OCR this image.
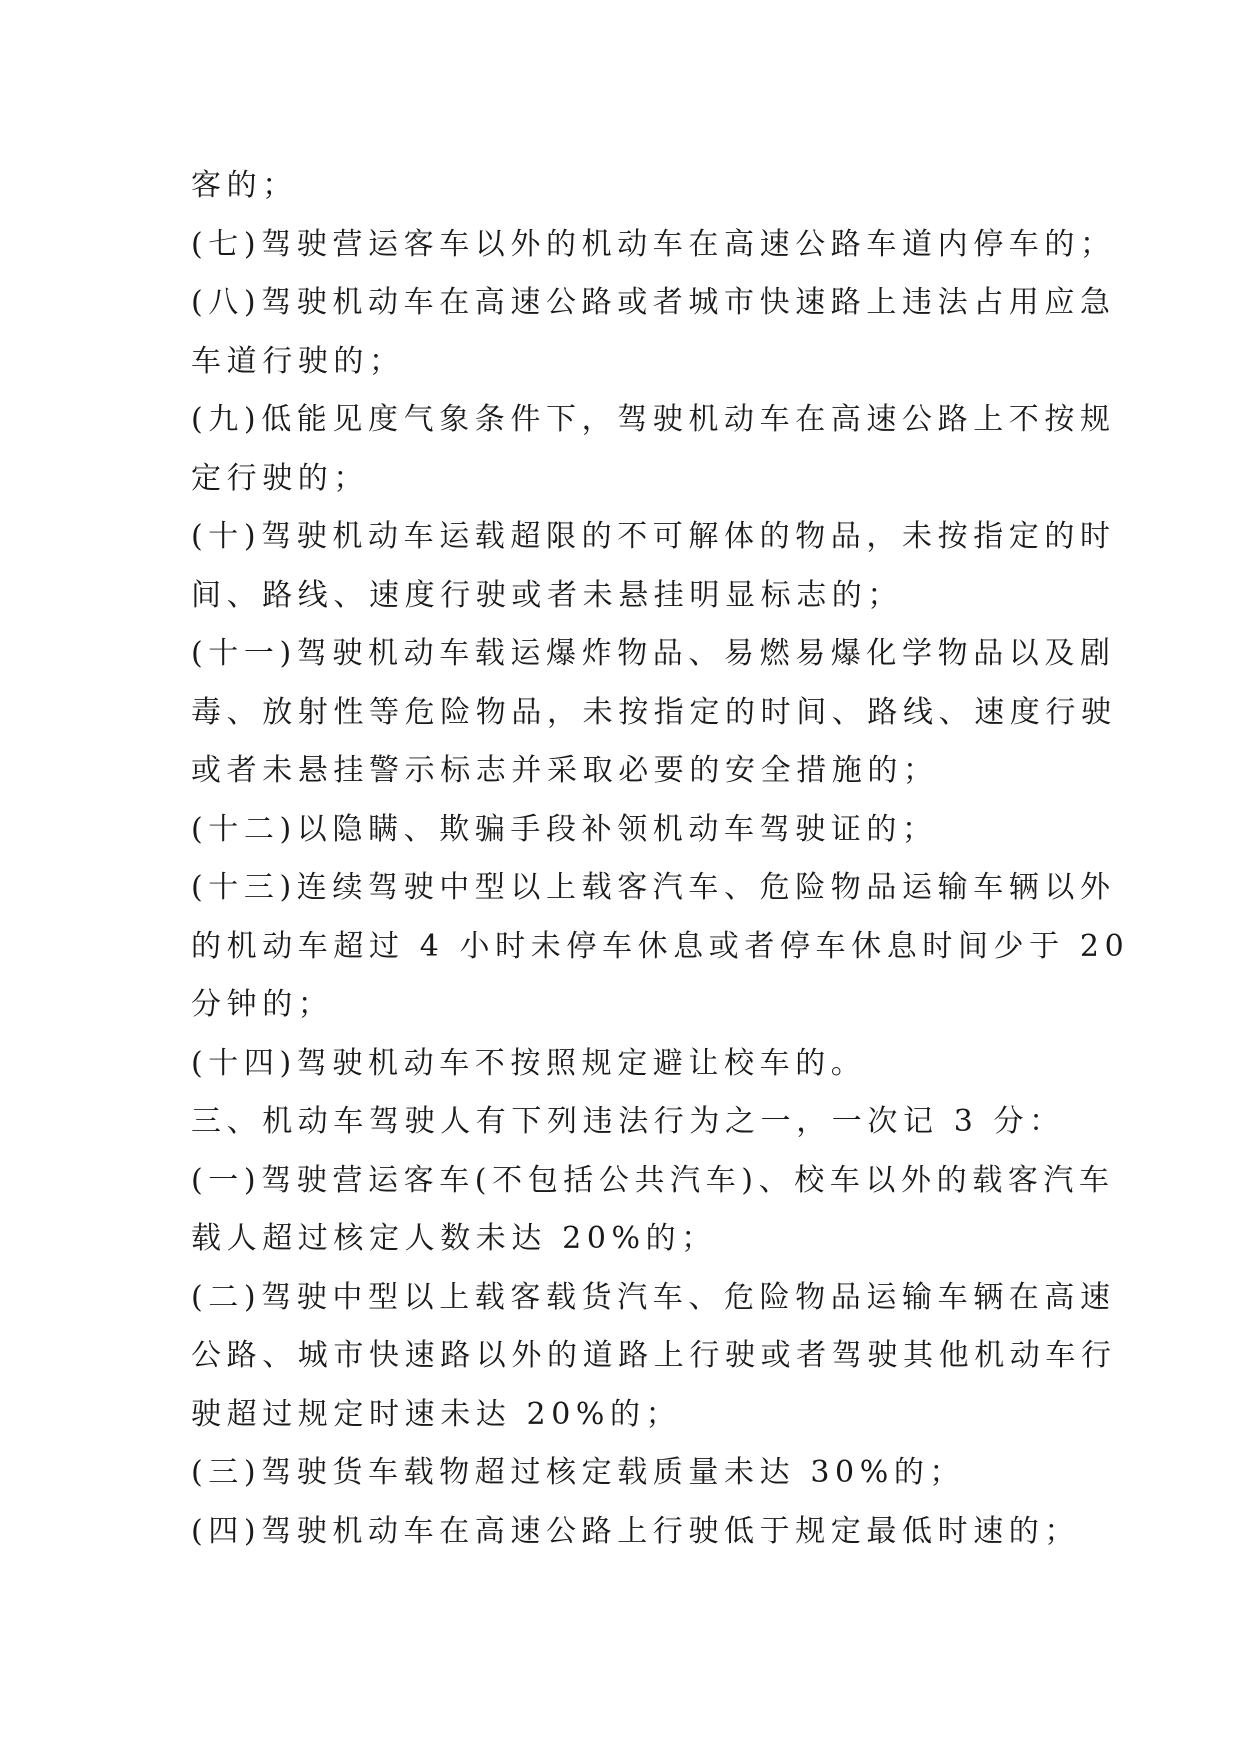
客的；
(七)驾驶营运客车以外的机动车在高速公路车道内停车的；
(八)驾驶机动车在高速公路或者城市快速路上违法占用应急
车道行驶的；
(九)低能见度气象条件下，驾驶机动车在高速公路上不按规
定行驶的；
(十)驾驶机动车运载超限的不可解体的物品，未按指定的时
间、路线、速度行驶或者未悬挂明显标志的；
(十一)驾驶机动车载运爆炸物品、易燃易爆化学物品以及剧
毒、放射性等危险物品，未按指定的时间、路线、速度行驶
或者未悬挂警示标志并采取必要的安全措施的；
(十二)以隐瞒、欺骗手段补领机动车驾驶证的；
(十三)连续驾驶中型以上载客汽车、危险物品运输车辆以外
的机动车超过 4 小时未停车休息或者停车休息时间少于 20
分钟的；
(十四)驾驶机动车不按照规定避让校车的。
三、机动车驾驶人有下列违法行为之一，一次记 3 分：
(一)驾驶营运客车(不包括公共汽车)、校车以外的载客汽车
载人超过核定人数未达 20%的；
(二)驾驶中型以上载客载货汽车、危险物品运输车辆在高速
公路、城市快速路以外的道路上行驶或者驾驶其他机动车行
驶超过规定时速未达 20%的；
(三)驾驶货车载物超过核定载质量未达 30%的；
(四)驾驶机动车在高速公路上行驶低于规定最低时速的；
